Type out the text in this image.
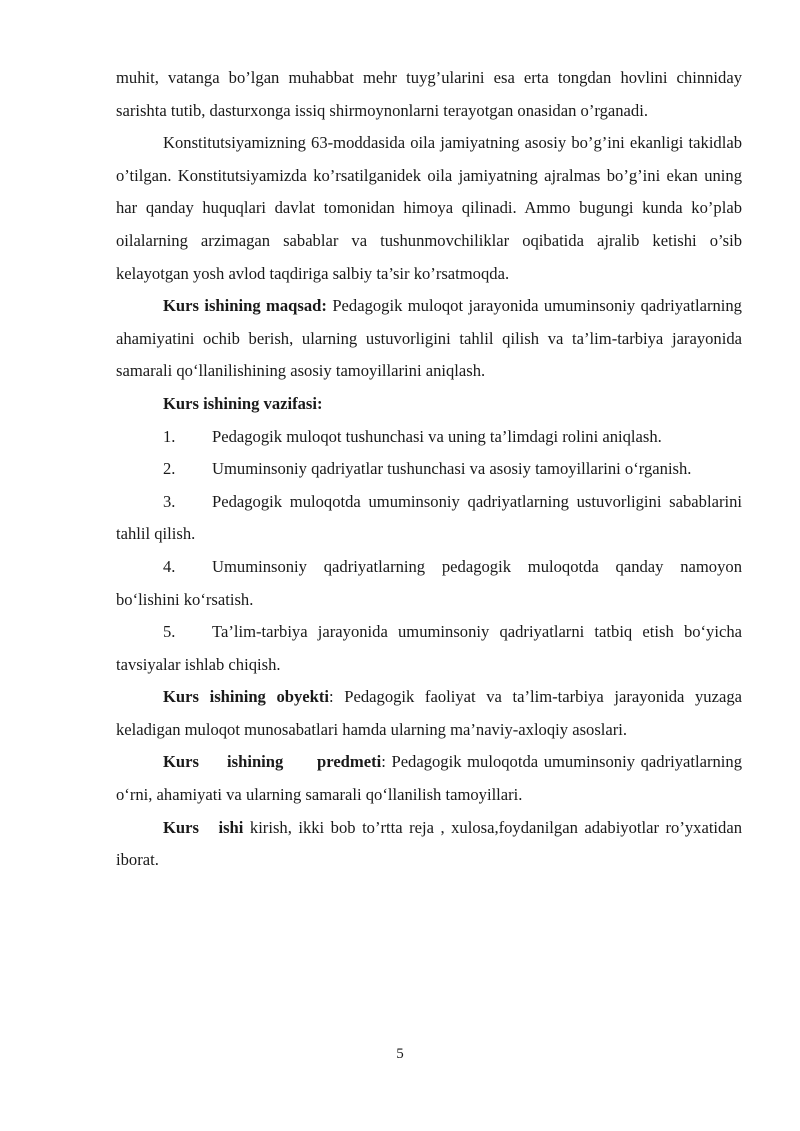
muhit, vatanga bo’lgan muhabbat mehr tuyg’ularini esa erta tongdan hovlini chinniday sarishta tutib, dasturxonga issiq shirmoynonlarni terayotgan onasidan o’rganadi.

Konstitutsiyamizning 63-moddasida oila jamiyatning asosiy bo’g’ini ekanligi takidlab o’tilgan. Konstitutsiyamizda ko’rsatilganidek oila jamiyatning ajralmas bo’g’ini ekan uning har qanday huquqlari davlat tomonidan himoya qilinadi. Ammo bugungi kunda ko’plab oilalarning arzimagan sabablar va tushunmovchiliklar oqibatida ajralib ketishi o’sib kelayotgan yosh avlod taqdiriga salbiy ta’sir ko’rsatmoqda.

Kurs ishining maqsad: Pedagogik muloqot jarayonida umuminsoniy qadriyatlarning ahamiyatini ochib berish, ularning ustuvorligini tahlil qilish va ta’lim-tarbiya jarayonida samarali qo‘llanilishining asosiy tamoyillarini aniqlash.

Kurs ishining vazifasi:

1. Pedagogik muloqot tushunchasi va uning ta’limdagi rolini aniqlash.

2. Umuminsoniy qadriyatlar tushunchasi va asosiy tamoyillarini o‘rganish.

3. Pedagogik muloqotda umuminsoniy qadriyatlarning ustuvorligini sabablarini tahlil qilish.

4. Umuminsoniy qadriyatlarning pedagogik muloqotda qanday namoyon bo‘lishini ko‘rsatish.

5. Ta’lim-tarbiya jarayonida umuminsoniy qadriyatlarni tatbiq etish bo‘yicha tavsiyalar ishlab chiqish.

Kurs ishining obyekti: Pedagogik faoliyat va ta’lim-tarbiya jarayonida yuzaga keladigan muloqot munosabatlari hamda ularning ma’naviy-axloqiy asoslari.

Kurs     ishining      predmeti: Pedagogik muloqotda umuminsoniy qadriyatlarning o‘rni, ahamiyati va ularning samarali qo‘llanilish tamoyillari.

Kurs   ishi kirish, ikki bob to’rtta reja , xulosa,foydanilgan adabiyotlar ro’yxatidan iborat.

5
